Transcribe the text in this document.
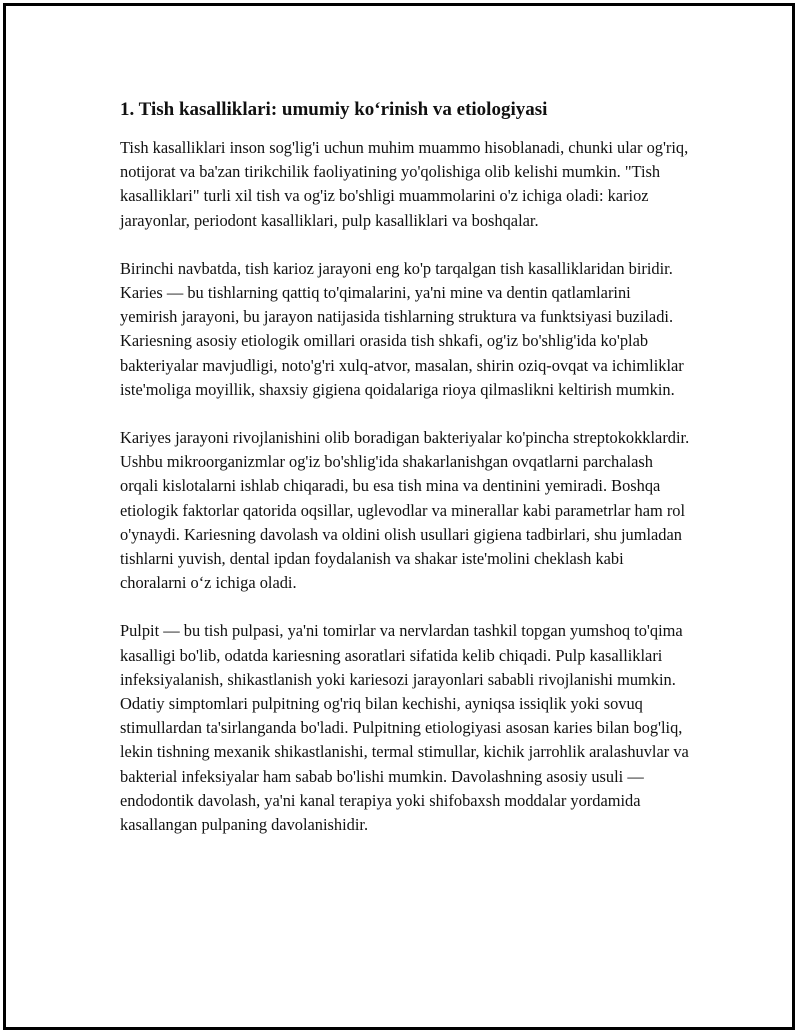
1. Tish kasalliklari: umumiy ko‘rinish va etiologiyasi

Tish kasalliklari inson sog'lig'i uchun muhim muammo hisoblanadi, chunki ular og'riq, notijorat va ba'zan tirikchilik faoliyatining yo'qolishiga olib kelishi mumkin. "Tish kasalliklari" turli xil tish va og'iz bo'shligi muammolarini o'z ichiga oladi: karioz jarayonlar, periodont kasalliklari, pulp kasalliklari va boshqalar.

Birinchi navbatda, tish karioz jarayoni eng ko'p tarqalgan tish kasalliklaridan biridir. Karies — bu tishlarning qattiq to'qimalarini, ya'ni mine va dentin qatlamlarini yemirish jarayoni, bu jarayon natijasida tishlarning struktura va funktsiyasi buziladi. Kariesning asosiy etiologik omillari orasida tish shkafi, og'iz bo'shlig'ida ko'plab bakteriyalar mavjudligi, noto'g'ri xulq-atvor, masalan, shirin oziq-ovqat va ichimliklar iste'moliga moyillik, shaxsiy gigiena qoidalariga rioya qilmaslikni keltirish mumkin.

Kariyes jarayoni rivojlanishini olib boradigan bakteriyalar ko'pincha streptokokklardir. Ushbu mikroorganizmlar og'iz bo'shlig'ida shakarlanishgan ovqatlarni parchalash orqali kislotalarni ishlab chiqaradi, bu esa tish mina va dentinini yemiradi. Boshqa etiologik faktorlar qatorida oqsillar, uglevodlar va minerallar kabi parametrlar ham rol o'ynaydi. Kariesning davolash va oldini olish usullari gigiena tadbirlari, shu jumladan tishlarni yuvish, dental ipdan foydalanish va shakar iste'molini cheklash kabi choralarni o‘z ichiga oladi.

Pulpit — bu tish pulpasi, ya'ni tomirlar va nervlardan tashkil topgan yumshoq to'qima kasalligi bo'lib, odatda kariesning asoratlari sifatida kelib chiqadi. Pulp kasalliklari infeksiyalanish, shikastlanish yoki kariesozi jarayonlari sababli rivojlanishi mumkin. Odatiy simptomlari pulpitning og'riq bilan kechishi, ayniqsa issiqlik yoki sovuq stimullardan ta'sirlanganda bo'ladi. Pulpitning etiologiyasi asosan karies bilan bog'liq, lekin tishning mexanik shikastlanishi, termal stimullar, kichik jarrohlik aralashuvlar va bakterial infeksiyalar ham sabab bo'lishi mumkin. Davolashning asosiy usuli — endodontik davolash, ya'ni kanal terapiya yoki shifobaxsh moddalar yordamida kasallangan pulpaning davolanishidir.
